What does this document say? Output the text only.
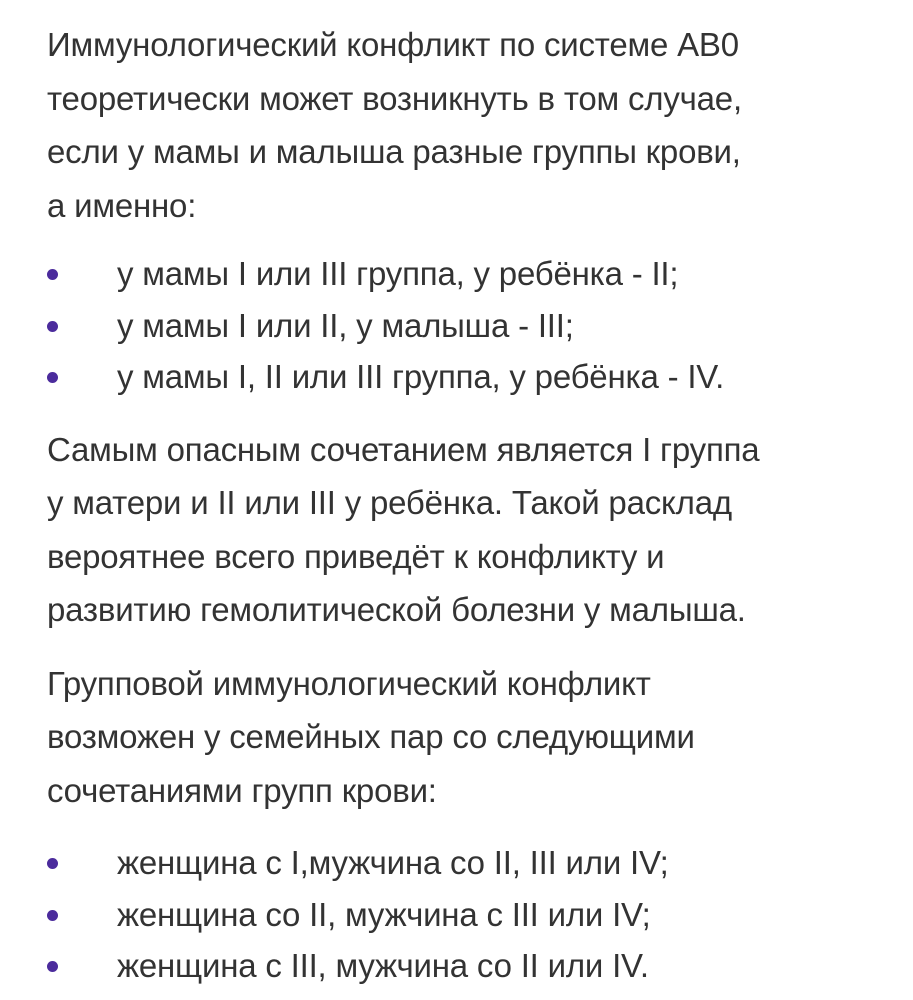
Иммунологический конфликт по системе AB0
теоретически может возникнуть в том случае,
если у мамы и малыша разные группы крови,
а именно:
у мамы I или III группа, у ребёнка - II;
у мамы I или II, у малыша - III;
у мамы I, II или III группа, у ребёнка - IV.
Самым опасным сочетанием является I группа
у матери и II или III у ребёнка. Такой расклад
вероятнее всего приведёт к конфликту и
развитию гемолитической болезни у малыша.
Групповой иммунологический конфликт
возможен у семейных пар со следующими
сочетаниями групп крови:
женщина с I,мужчина со II, III или IV;
женщина со II, мужчина с III или IV;
женщина с III, мужчина со II или IV.
